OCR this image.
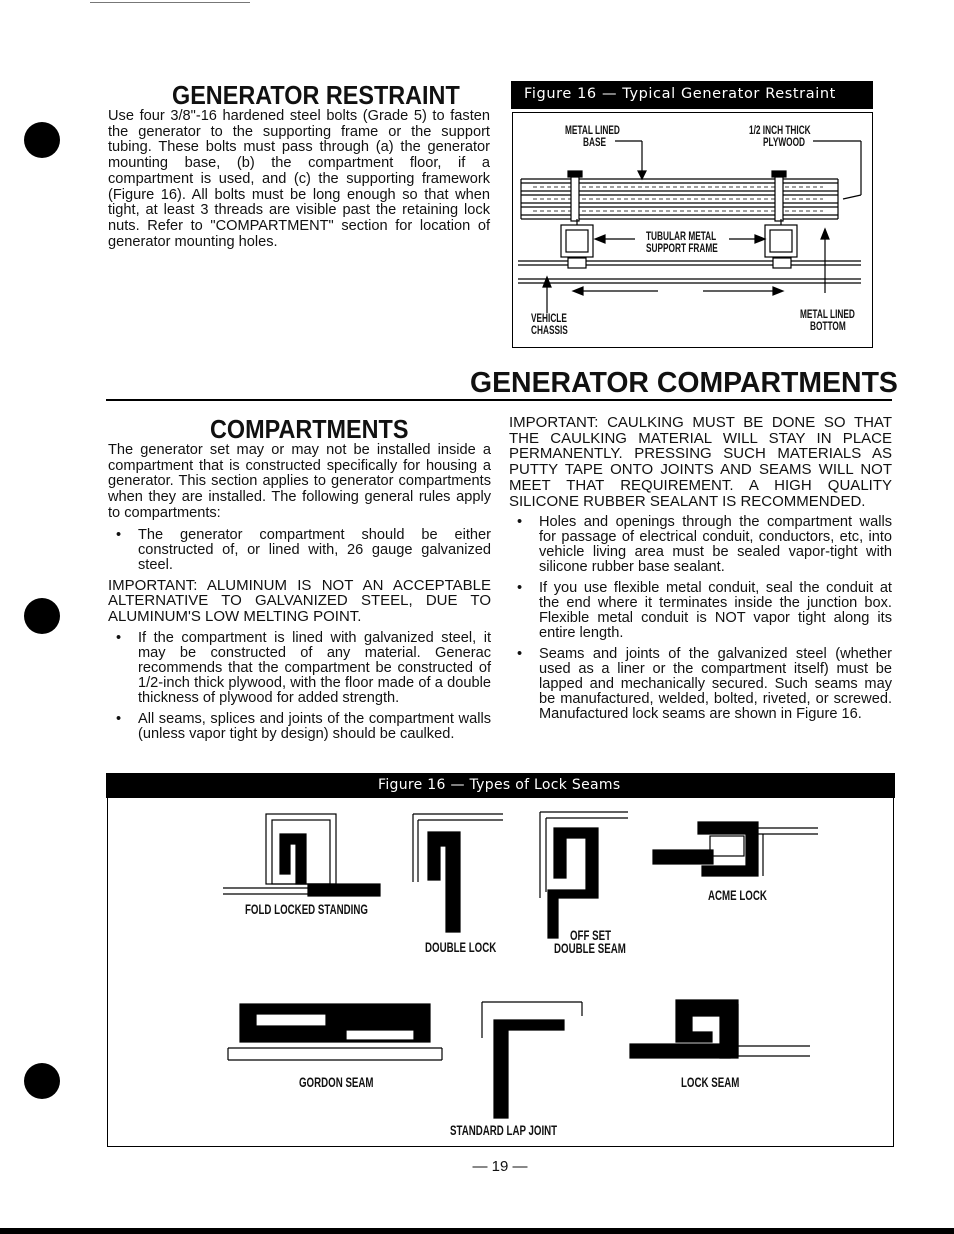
GENERATOR RESTRAINT
Use four 3/8"-16 hardened steel bolts (Grade 5) to fasten the generator to the supporting frame or the support tubing. These bolts must pass through (a) the generator mounting base, (b) the compartment floor, if a compartment is used, and (c) the supporting framework (Figure 16). All bolts must be long enough so that when tight, at least 3 threads are visible past the retaining lock nuts. Refer to "COMPARTMENT" section for location of generator mounting holes.
Figure 16 — Typical Generator Restraint
METAL LINED
BASE
1/2 INCH THICK
PLYWOOD
TUBULAR METAL
SUPPORT FRAME
VEHICLE
CHASSIS
METAL LINED
BOTTOM
GENERATOR COMPARTMENTS
COMPARTMENTS
The generator set may or may not be installed inside a compartment that is constructed specifically for housing a generator. This section applies to generator compartments when they are installed. The following general rules apply to compartments:
• The generator compartment should be either constructed of, or lined with, 26 gauge galvanized steel.
IMPORTANT: ALUMINUM IS NOT AN ACCEPTABLE ALTERNATIVE TO GALVANIZED STEEL, DUE TO ALUMINUM'S LOW MELTING POINT.
• If the compartment is lined with galvanized steel, it may be constructed of any material. Generac recommends that the compartment be constructed of 1/2-inch thick plywood, with the floor made of a double thickness of plywood for added strength.
• All seams, splices and joints of the compartment walls (unless vapor tight by design) should be caulked.
IMPORTANT: CAULKING MUST BE DONE SO THAT THE CAULKING MATERIAL WILL STAY IN PLACE PERMANENTLY. PRESSING SUCH MATERIALS AS PUTTY TAPE ONTO JOINTS AND SEAMS WILL NOT MEET THAT REQUIREMENT. A HIGH QUALITY SILICONE RUBBER SEALANT IS RECOMMENDED.
• Holes and openings through the compartment walls for passage of electrical conduit, conductors, etc, into vehicle living area must be sealed vapor-tight with silicone rubber base sealant.
• If you use flexible metal conduit, seal the conduit at the end where it terminates inside the junction box. Flexible metal conduit is NOT vapor tight along its entire length.
• Seams and joints of the galvanized steel (whether used as a liner or the compartment itself) must be lapped and mechanically secured. Such seams may be manufactured, welded, bolted, riveted, or screwed. Manufactured lock seams are shown in Figure 16.
Figure 16 — Types of Lock Seams
FOLD LOCKED STANDING
DOUBLE LOCK
OFF SET
DOUBLE SEAM
ACME LOCK
GORDON SEAM
STANDARD LAP JOINT
LOCK SEAM
— 19 —
